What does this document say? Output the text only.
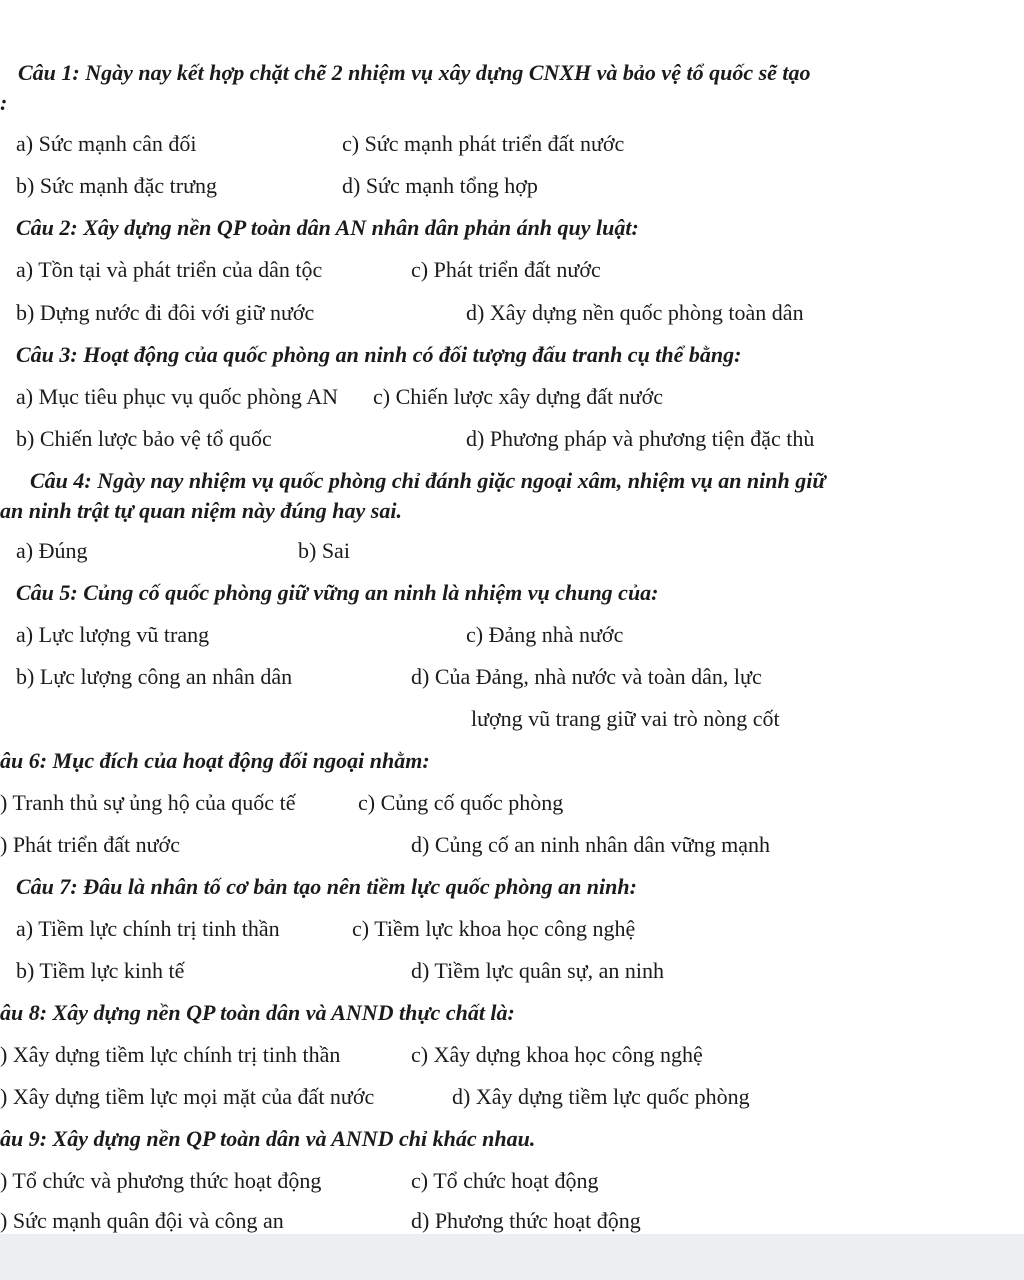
Câu 1: Ngày nay kết hợp chặt chẽ 2 nhiệm vụ xây dựng CNXH và bảo vệ tổ quốc sẽ tạo
:
a) Sức mạnh cân đối	c) Sức mạnh phát triển đất nước
b) Sức mạnh đặc trưng	d) Sức mạnh tổng hợp
Câu 2: Xây dựng nền QP toàn dân AN nhân dân phản ánh quy luật:
a) Tồn tại và phát triển của dân tộc	c) Phát triển đất nước
b) Dựng nước đi đôi với giữ nước	d) Xây dựng nền quốc phòng toàn dân
Câu 3: Hoạt động của quốc phòng an ninh có đối tượng đấu tranh cụ thể bằng:
a) Mục tiêu phục vụ quốc phòng AN c) Chiến lược xây dựng đất nước
b) Chiến lược bảo vệ tổ quốc	d) Phương pháp và phương tiện đặc thù
Câu 4: Ngày nay nhiệm vụ quốc phòng chỉ đánh giặc ngoại xâm, nhiệm vụ an ninh giữ
an ninh trật tự quan niệm này đúng hay sai.
a) Đúng	b) Sai
Câu 5: Củng cố quốc phòng giữ vững an ninh là nhiệm vụ chung của:
a) Lực lượng vũ trang	c) Đảng nhà nước
b) Lực lượng công an nhân dân	d) Của Đảng, nhà nước và toàn dân, lực
lượng vũ trang giữ vai trò nòng cốt
âu 6: Mục đích của hoạt động đối ngoại nhằm:
) Tranh thủ sự ủng hộ của quốc tế	c) Củng cố quốc phòng
) Phát triển đất nước	d) Củng cố an ninh nhân dân vững mạnh
Câu 7: Đâu là nhân tố cơ bản tạo nên tiềm lực quốc phòng an ninh:
a) Tiềm lực chính trị tinh thần	c) Tiềm lực khoa học công nghệ
b) Tiềm lực kinh tế	d) Tiềm lực quân sự, an ninh
âu 8: Xây dựng nền QP toàn dân và ANND thực chất là:
) Xây dựng tiềm lực chính trị tinh thần	c) Xây dựng khoa học công nghệ
) Xây dựng tiềm lực mọi mặt của đất nước	d) Xây dựng tiềm lực quốc phòng
âu 9: Xây dựng nền QP toàn dân và ANND chỉ khác nhau.
) Tổ chức và phương thức hoạt động	c) Tổ chức hoạt động
) Sức mạnh quân đội và công an	d) Phương thức hoạt động
